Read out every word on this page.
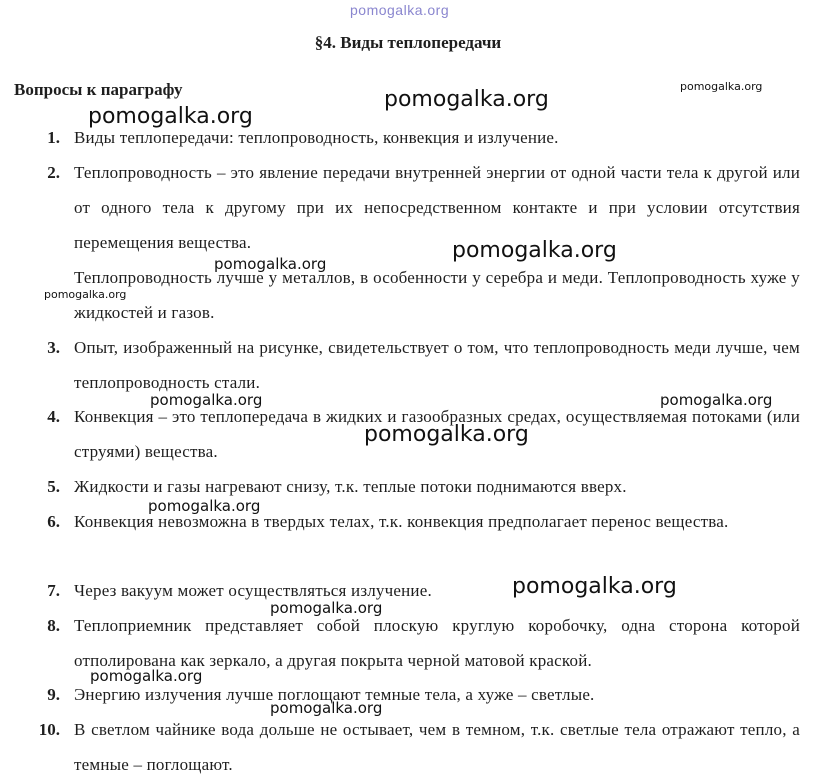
pomogalka.org
§4. Виды теплопередачи
Вопросы к параграфу
1. Виды теплопередачи: теплопроводность, конвекция и излучение.
2. Теплопроводность – это явление передачи внутренней энергии от одной части тела к другой или от одного тела к другому при их непосредственном контакте и при условии отсутствия перемещения вещества.
Теплопроводность лучше у металлов, в особенности у серебра и меди. Теплопроводность хуже у жидкостей и газов.
3. Опыт, изображенный на рисунке, свидетельствует о том, что теплопроводность меди лучше, чем теплопроводность стали.
4. Конвекция – это теплопередача в жидких и газообразных средах, осуществляемая потоками (или струями) вещества.
5. Жидкости и газы нагревают снизу, т.к. теплые потоки поднимаются вверх.
6. Конвекция невозможна в твердых телах, т.к. конвекция предполагает перенос вещества.
7. Через вакуум может осуществляться излучение.
8. Теплоприемник представляет собой плоскую круглую коробочку, одна сторона которой отполирована как зеркало, а другая покрыта черной матовой краской.
9. Энергию излучения лучше поглощают темные тела, а хуже – светлые.
10. В светлом чайнике вода дольше не остывает, чем в темном, т.к. светлые тела отражают тепло, а темные – поглощают.
pomogalka.org
pomogalka.org
pomogalka.org
pomogalka.org
pomogalka.org
pomogalka.org
pomogalka.org	pomogalka.org
pomogalka.org
pomogalka.org
pomogalka.org
pomogalka.org
pomogalka.org
pomogalka.org
